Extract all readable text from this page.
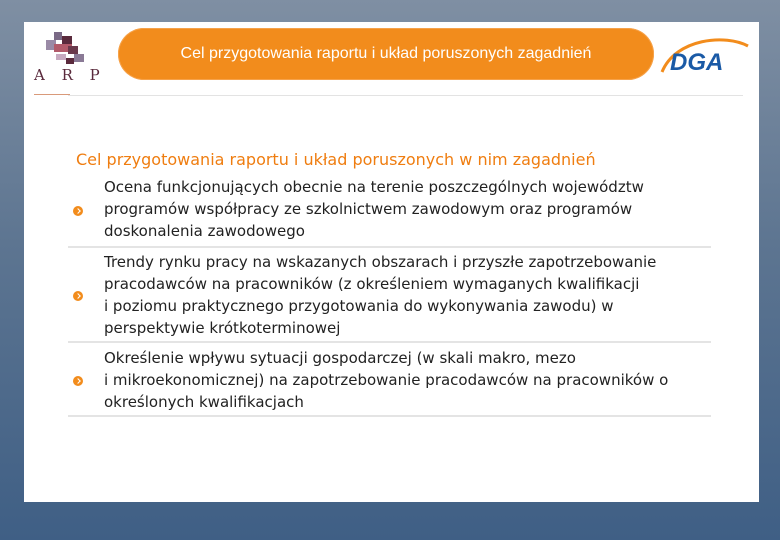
A R P
Cel przygotowania raportu i układ poruszonych zagadnień	DGA
Cel przygotowania raportu i układ poruszonych w nim zagadnień
Ocena funkcjonujących obecnie na terenie poszczególnych województw
programów współpracy ze szkolnictwem zawodowym oraz programów
doskonalenia zawodowego
Trendy rynku pracy na wskazanych obszarach i przyszłe zapotrzebowanie
pracodawców na pracowników (z określeniem wymaganych kwalifikacji
i poziomu praktycznego przygotowania do wykonywania zawodu) w
perspektywie krótkoterminowej
Określenie wpływu sytuacji gospodarczej (w skali makro, mezo
i mikroekonomicznej) na zapotrzebowanie pracodawców na pracowników o
określonych kwalifikacjach
